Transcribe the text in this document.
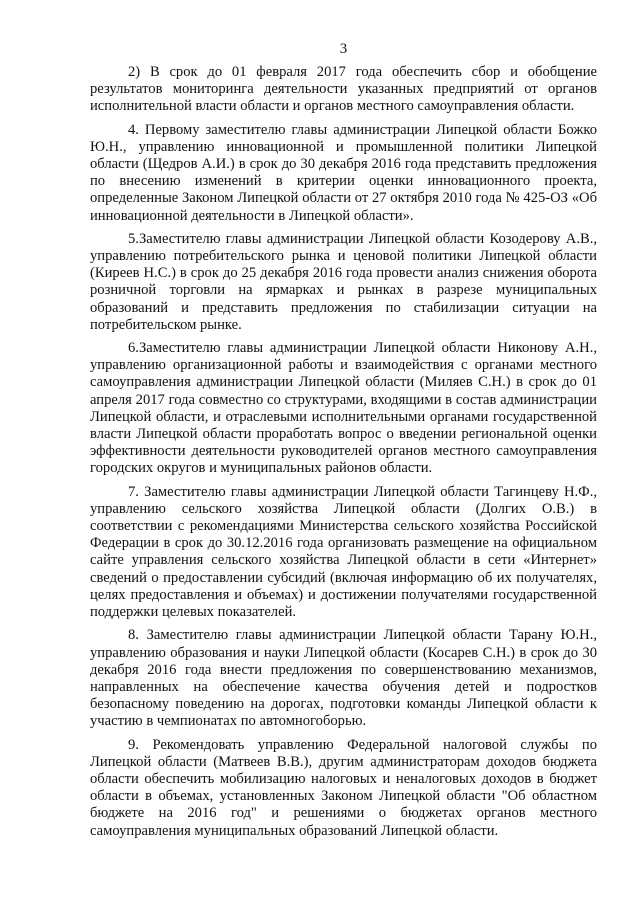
3

2) В срок до 01 февраля 2017 года обеспечить сбор и обобщение результатов мониторинга деятельности указанных предприятий от органов исполнительной власти области и органов местного самоуправления области.

4. Первому заместителю главы администрации Липецкой области Божко Ю.Н., управлению инновационной и промышленной политики Липецкой области (Щедров А.И.) в срок до 30 декабря 2016 года представить предложения по внесению изменений в критерии оценки инновационного проекта, определенные Законом Липецкой области от 27 октября 2010 года № 425-ОЗ «Об инновационной деятельности в Липецкой области».

5.Заместителю главы администрации Липецкой области Козодерову А.В., управлению потребительского рынка и ценовой политики Липецкой области (Киреев Н.С.) в срок до 25 декабря 2016 года провести анализ снижения оборота розничной торговли на ярмарках и рынках в разрезе муниципальных образований и представить предложения по стабилизации ситуации на потребительском рынке.

6.Заместителю главы администрации Липецкой области Никонову А.Н., управлению организационной работы и взаимодействия с органами местного самоуправления администрации Липецкой области (Миляев С.Н.) в срок до 01 апреля 2017 года совместно со структурами, входящими в состав администрации Липецкой области, и отраслевыми исполнительными органами государственной власти Липецкой области проработать вопрос о введении региональной оценки эффективности деятельности руководителей органов местного самоуправления городских округов и муниципальных районов области.

7. Заместителю главы администрации Липецкой области Тагинцеву Н.Ф., управлению сельского хозяйства Липецкой области (Долгих О.В.) в соответствии с рекомендациями Министерства сельского хозяйства Российской Федерации в срок до 30.12.2016 года организовать размещение на официальном сайте управления сельского хозяйства Липецкой области в сети «Интернет» сведений о предоставлении субсидий (включая информацию об их получателях, целях предоставления и объемах) и достижении получателями государственной поддержки целевых показателей.

8. Заместителю главы администрации Липецкой области Тарану Ю.Н., управлению образования и науки Липецкой области (Косарев С.Н.) в срок до 30 декабря 2016 года внести предложения по совершенствованию механизмов, направленных на обеспечение качества обучения детей и подростков безопасному поведению на дорогах, подготовки команды Липецкой области к участию в чемпионатах по автомногоборью.

9. Рекомендовать управлению Федеральной налоговой службы по Липецкой области (Матвеев В.В.), другим администраторам доходов бюджета области обеспечить мобилизацию налоговых и неналоговых доходов в бюджет области в объемах, установленных Законом Липецкой области "Об областном бюджете на 2016 год" и решениями о бюджетах органов местного самоуправления муниципальных образований Липецкой области.
